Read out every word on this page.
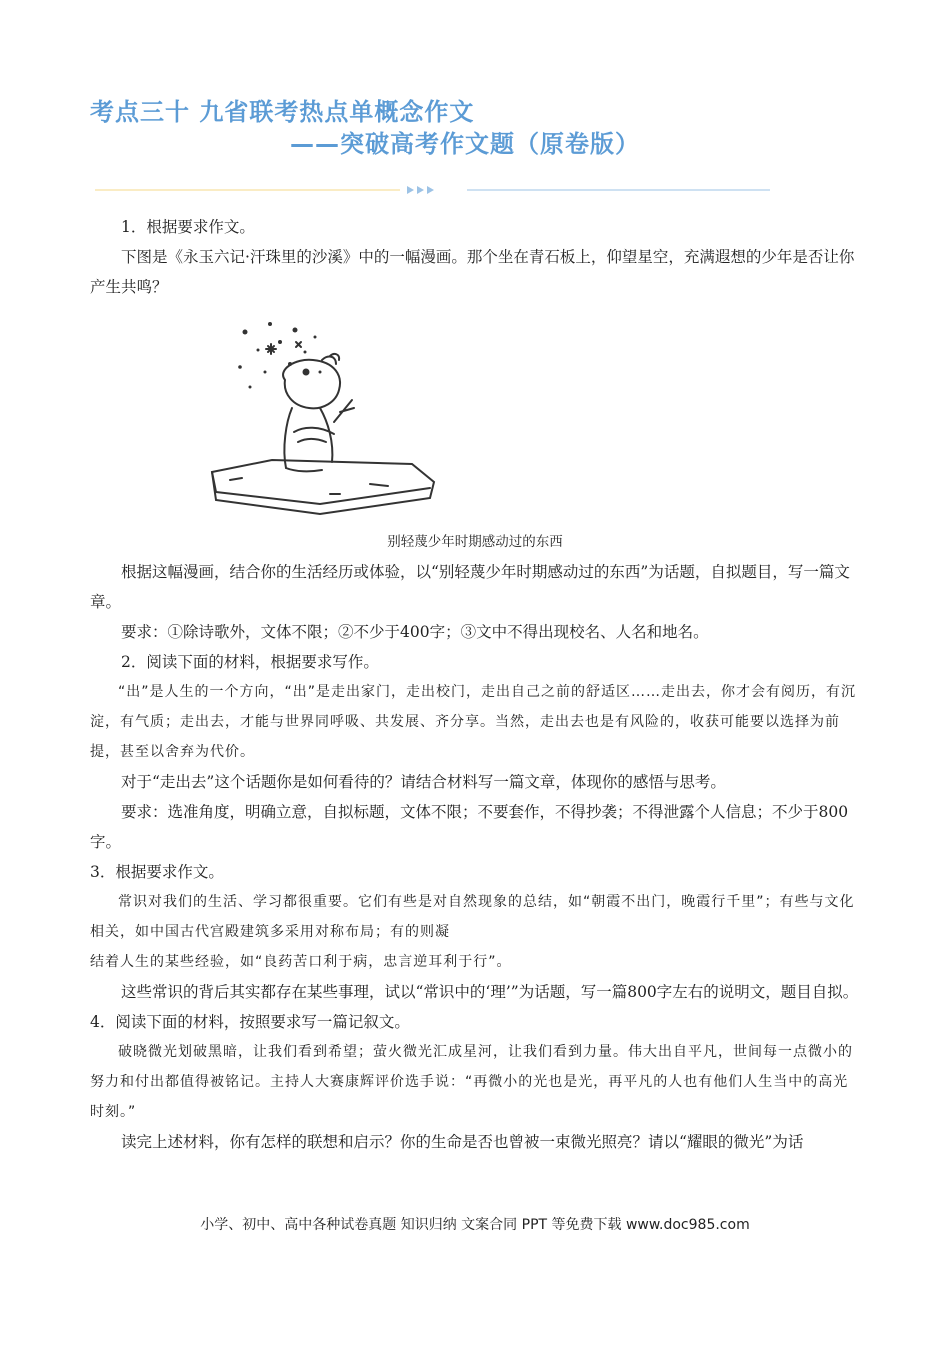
考点三十 九省联考热点单概念作文
——突破高考作文题（原卷版）

1．根据要求作文。

下图是《永玉六记·汗珠里的沙溪》中的一幅漫画。那个坐在青石板上，仰望星空，充满遐想的少年是否让你产生共鸣？

别轻蔑少年时期感动过的东西

根据这幅漫画，结合你的生活经历或体验，以“别轻蔑少年时期感动过的东西”为话题，自拟题目，写一篇文章。

要求：①除诗歌外，文体不限；②不少于400字；③文中不得出现校名、人名和地名。

2．阅读下面的材料，根据要求写作。

“出”是人生的一个方向，“出”是走出家门，走出校门，走出自己之前的舒适区……走出去，你才会有阅历，有沉淀，有气质；走出去，才能与世界同呼吸、共发展、齐分享。当然，走出去也是有风险的，收获可能要以选择为前提，甚至以舍弃为代价。

对于“走出去”这个话题你是如何看待的？请结合材料写一篇文章，体现你的感悟与思考。

要求：选准角度，明确立意，自拟标题，文体不限；不要套作，不得抄袭；不得泄露个人信息；不少于800字。

3．根据要求作文。

常识对我们的生活、学习都很重要。它们有些是对自然现象的总结，如“朝霞不出门，晚霞行千里”；有些与文化相关，如中国古代宫殿建筑多采用对称布局；有的则凝

结着人生的某些经验，如“良药苦口利于病，忠言逆耳利于行”。

这些常识的背后其实都存在某些事理，试以“常识中的‘理’”为话题，写一篇800字左右的说明文，题目自拟。

4．阅读下面的材料，按照要求写一篇记叙文。

破晓微光划破黑暗，让我们看到希望；萤火微光汇成星河，让我们看到力量。伟大出自平凡，世间每一点微小的努力和付出都值得被铭记。主持人大赛康辉评价选手说：“再微小的光也是光，再平凡的人也有他们人生当中的高光时刻。”

读完上述材料，你有怎样的联想和启示？你的生命是否也曾被一束微光照亮？请以“耀眼的微光”为话

小学、初中、高中各种试卷真题 知识归纳 文案合同 PPT 等免费下载 www.doc985.com
